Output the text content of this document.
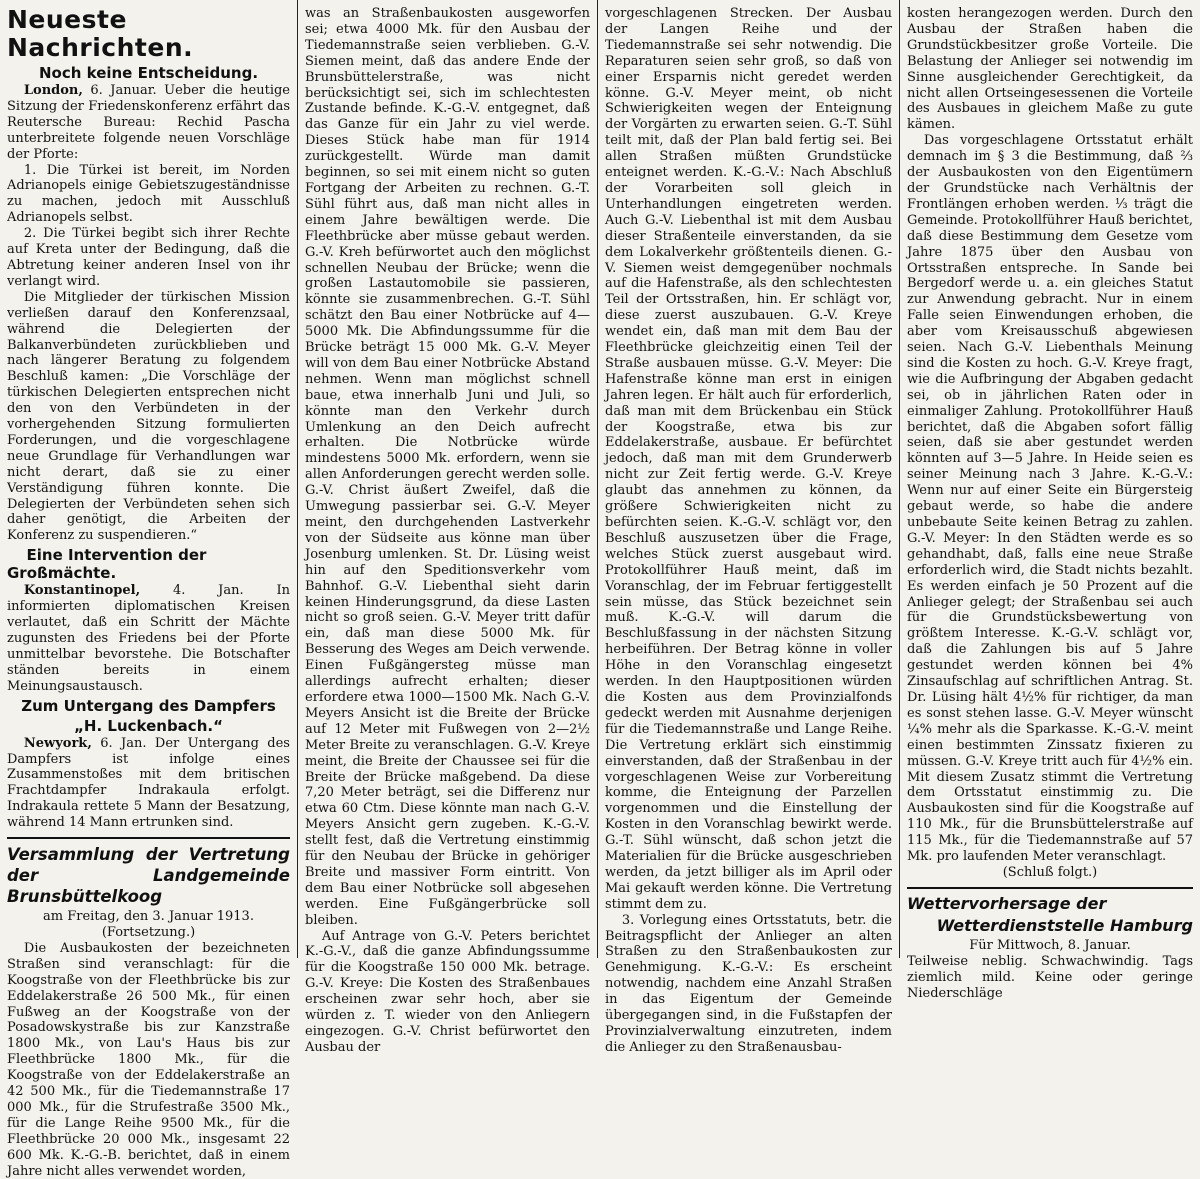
Neueste Nachrichten.
Noch keine Entscheidung.

London, 6. Januar. Ueber die heutige Sitzung der Friedenskonferenz erfährt das Reutersche Bureau: Rechid Pascha unterbreitete folgende neuen Vorschläge der Pforte:

1. Die Türkei ist bereit, im Norden Adrianopels einige Gebietszugeständnisse zu machen, jedoch mit Ausschluß Adrianopels selbst.

2. Die Türkei begibt sich ihrer Rechte auf Kreta unter der Bedingung, daß die Abtretung keiner anderen Insel von ihr verlangt wird.

Die Mitglieder der türkischen Mission verließen darauf den Konferenzsaal, während die Delegierten der Balkanverbündeten zurückblieben und nach längerer Beratung zu folgendem Beschluß kamen: „Die Vorschläge der türkischen Delegierten entsprechen nicht den von den Verbündeten in der vorhergehenden Sitzung formulierten Forderungen, und die vorgeschlagene neue Grundlage für Verhandlungen war nicht derart, daß sie zu einer Verständigung führen konnte. Die Delegierten der Verbündeten sehen sich daher genötigt, die Arbeiten der Konferenz zu suspendieren.“

Eine Intervention der Großmächte.

Konstantinopel,	4. Jan. In informierten diplomatischen Kreisen verlautet, daß ein Schritt der Mächte zugunsten des Friedens bei der Pforte unmittelbar bevorstehe. Die Botschafter ständen bereits in einem Meinungsaustausch.

Zum Untergang des Dampfers
„H. Luckenbach.“

Newyork, 6. Jan. Der Untergang des Dampfers ist infolge eines Zusammenstoßes mit dem britischen Frachtdampfer Indrakaula erfolgt. Indrakaula rettete 5 Mann der Besatzung, während 14 Mann ertrunken sind.

Versammlung der Vertretung der Landgemeinde Brunsbüttelkoog

am Freitag, den 3. Januar 1913.

(Fortsetzung.)

Die Ausbaukosten der bezeichneten Straßen sind veranschlagt: für die Koogstraße von der Fleethbrücke bis zur Eddelakerstraße 26 500 Mk., für einen Fußweg an der Koogstraße von der Posadowskystraße bis zur Kanzstraße 1800 Mk., von Lau's Haus bis zur Fleethbrücke 1800 Mk., für die Koogstraße von der Eddelakerstraße an 42 500 Mk., für die Tiedemannstraße 17 000 Mk., für die Strufestraße 3500 Mk., für die Lange Reihe 9500 Mk., für die Fleethbrücke 20 000 Mk., insgesamt 22 600 Mk. K.-G.-B. berichtet, daß in einem Jahre nicht alles verwendet worden,

was an Straßenbaukosten ausgeworfen sei; etwa 4000 Mk. für den Ausbau der Tiedemannstraße seien verblieben. G.-V. Siemen meint, daß das andere Ende der Brunsbüttelerstraße, was nicht berücksichtigt sei, sich im schlechtesten Zustande befinde. K.-G.-V. entgegnet, daß das Ganze für ein Jahr zu viel werde. Dieses Stück habe man für 1914 zurückgestellt. Würde man damit beginnen, so sei mit einem nicht so guten Fortgang der Arbeiten zu rechnen. G.-T. Sühl führt aus, daß man nicht alles in einem Jahre bewältigen werde. Die Fleethbrücke aber müsse gebaut werden. G.-V. Kreh befürwortet auch den möglichst schnellen Neubau der Brücke; wenn die großen Lastautomobile sie passieren, könnte sie zusammenbrechen. G.-T. Sühl schätzt den Bau einer Notbrücke auf 4—5000 Mk. Die Abfindungssumme für die Brücke beträgt 15 000 Mk. G.-V. Meyer will von dem Bau einer Notbrücke Abstand nehmen. Wenn man möglichst schnell baue, etwa innerhalb Juni und Juli, so könnte man den Verkehr durch Umlenkung an den Deich aufrecht erhalten. Die Notbrücke würde mindestens 5000 Mk. erfordern, wenn sie allen Anforderungen gerecht werden solle. G.-V. Christ äußert Zweifel, daß die Umwegung passierbar sei. G.-V. Meyer meint, den durchgehenden Lastverkehr von der Südseite aus könne man über Josenburg umlenken. St. Dr. Lüsing weist hin auf den Speditionsverkehr vom Bahnhof. G.-V. Liebenthal sieht darin keinen Hinderungsgrund, da diese Lasten nicht so groß seien. G.-V. Meyer tritt dafür ein, daß man diese 5000 Mk. für Besserung des Weges am Deich verwende. Einen Fußgängersteg müsse man allerdings aufrecht erhalten; dieser erfordere etwa 1000—1500 Mk. Nach G.-V. Meyers Ansicht ist die Breite der Brücke auf 12 Meter mit Fußwegen von 2—2½ Meter Breite zu veranschlagen. G.-V. Kreye meint, die Breite der Chaussee sei für die Breite der Brücke maßgebend. Da diese 7,20 Meter beträgt, sei die Differenz nur etwa 60 Ctm. Diese könnte man nach G.-V. Meyers Ansicht gern zugeben. K.-G.-V. stellt fest, daß die Vertretung einstimmig für den Neubau der Brücke in gehöriger Breite und massiver Form eintritt. Von dem Bau einer Notbrücke soll abgesehen werden. Eine Fußgängerbrücke soll bleiben.

Auf Antrage von G.-V. Peters berichtet K.-G.-V., daß die ganze Abfindungssumme für die Koogstraße 150 000 Mk. betrage. G.-V. Kreye: Die Kosten des Straßenbaues erscheinen zwar sehr hoch, aber sie würden z. T. wieder von den Anliegern eingezogen. G.-V. Christ befürwortet den Ausbau der

vorgeschlagenen Strecken. Der Ausbau der Langen Reihe und der Tiedemannstraße sei sehr notwendig. Die Reparaturen seien sehr groß, so daß von einer Ersparnis nicht geredet werden könne. G.-V. Meyer meint, ob nicht Schwierigkeiten wegen der Enteignung der Vorgärten zu erwarten seien. G.-T. Sühl teilt mit, daß der Plan bald fertig sei. Bei allen Straßen müßten Grundstücke enteignet werden. K.-G.-V.: Nach Abschluß der Vorarbeiten soll gleich in Unterhandlungen eingetreten werden. Auch G.-V. Liebenthal ist mit dem Ausbau dieser Straßenteile einverstanden, da sie dem Lokalverkehr größtenteils dienen. G.-V. Siemen weist demgegenüber nochmals auf die Hafenstraße, als den schlechtesten Teil der Ortsstraßen, hin. Er schlägt vor, diese zuerst auszubauen. G.-V. Kreye wendet ein, daß man mit dem Bau der Fleethbrücke gleichzeitig einen Teil der Straße ausbauen müsse. G.-V. Meyer: Die Hafenstraße könne man erst in einigen Jahren legen. Er hält auch für erforderlich, daß man mit dem Brückenbau ein Stück der Koogstraße, etwa bis zur Eddelakerstraße, ausbaue. Er befürchtet jedoch, daß man mit dem Grunderwerb nicht zur Zeit fertig werde. G.-V. Kreye glaubt das annehmen zu können, da größere Schwierigkeiten nicht zu befürchten seien. K.-G.-V. schlägt vor, den Beschluß auszusetzen über die Frage, welches Stück zuerst ausgebaut wird. Protokollführer Hauß meint, daß im Voranschlag, der im Februar fertiggestellt sein müsse, das Stück bezeichnet sein muß. K.-G.-V. will darum die Beschlußfassung in der nächsten Sitzung herbeiführen. Der Betrag könne in voller Höhe in den Voranschlag eingesetzt werden. In den Hauptpositionen würden die Kosten aus dem Provinzialfonds gedeckt werden mit Ausnahme derjenigen für die Tiedemannstraße und Lange Reihe. Die Vertretung erklärt sich einstimmig einverstanden, daß der Straßenbau in der vorgeschlagenen Weise zur Vorbereitung komme, die Enteignung der Parzellen vorgenommen und die Einstellung der Kosten in den Voranschlag bewirkt werde. G.-T. Sühl wünscht, daß schon jetzt die Materialien für die Brücke ausgeschrieben werden, da jetzt billiger als im April oder Mai gekauft werden könne. Die Vertretung stimmt dem zu.

3. Vorlegung eines Ortsstatuts, betr. die Beitragspflicht der Anlieger an alten Straßen zu den Straßenbaukosten zur Genehmigung. K.-G.-V.: Es erscheint notwendig, nachdem eine Anzahl Straßen in das Eigentum der Gemeinde übergegangen sind, in die Fußstapfen der Provinzialverwaltung einzutreten, indem die Anlieger zu den Straßenausbau-

kosten herangezogen werden. Durch den Ausbau der Straßen haben die Grundstückbesitzer große Vorteile. Die Belastung der Anlieger sei notwendig im Sinne ausgleichender Gerechtigkeit, da nicht allen Ortseingesessenen die Vorteile des Ausbaues in gleichem Maße zu gute kämen.

Das vorgeschlagene Ortsstatut erhält demnach im § 3 die Bestimmung, daß ⅔ der Ausbaukosten von den Eigentümern der Grundstücke nach Verhältnis der Frontlängen erhoben werden. ⅓ trägt die Gemeinde. Protokollführer Hauß berichtet, daß diese Bestimmung dem Gesetze vom Jahre 1875 über den Ausbau von Ortsstraßen entspreche. In Sande bei Bergedorf werde u. a. ein gleiches Statut zur Anwendung gebracht. Nur in einem Falle seien Einwendungen erhoben, die aber vom Kreisausschuß abgewiesen seien. Nach G.-V. Liebenthals Meinung sind die Kosten zu hoch. G.-V. Kreye fragt, wie die Aufbringung der Abgaben gedacht sei, ob in jährlichen Raten oder in einmaliger Zahlung. Protokollführer Hauß berichtet, daß die Abgaben sofort fällig seien, daß sie aber gestundet werden könnten auf 3—5 Jahre. In Heide seien es seiner Meinung nach 3 Jahre. K.-G.-V.: Wenn nur auf einer Seite ein Bürgersteig gebaut werde, so habe die andere unbebaute Seite keinen Betrag zu zahlen. G.-V. Meyer: In den Städten werde es so gehandhabt, daß, falls eine neue Straße erforderlich wird, die Stadt nichts bezahlt. Es werden einfach je 50 Prozent auf die Anlieger gelegt; der Straßenbau sei auch für die Grundstücksbewertung von größtem Interesse. K.-G.-V. schlägt vor, daß die Zahlungen bis auf 5 Jahre gestundet werden können bei 4% Zinsaufschlag auf schriftlichen Antrag. St. Dr. Lüsing hält 4½% für richtiger, da man es sonst stehen lasse. G.-V. Meyer wünscht ¼% mehr als die Sparkasse. K.-G.-V. meint einen bestimmten Zinssatz fixieren zu müssen. G.-V. Kreye tritt auch für 4½% ein. Mit diesem Zusatz stimmt die Vertretung dem Ortsstatut einstimmig zu. Die Ausbaukosten sind für die Koogstraße auf 110 Mk., für die Brunsbüttelerstraße auf 115 Mk., für die Tiedemannstraße auf 57 Mk. pro laufenden Meter veranschlagt.

(Schluß folgt.)

Wettervorhersage der
Wetterdienststelle Hamburg

Für Mittwoch, 8. Januar.

Teilweise neblig. Schwachwindig. Tags ziemlich mild. Keine oder geringe Niederschläge
